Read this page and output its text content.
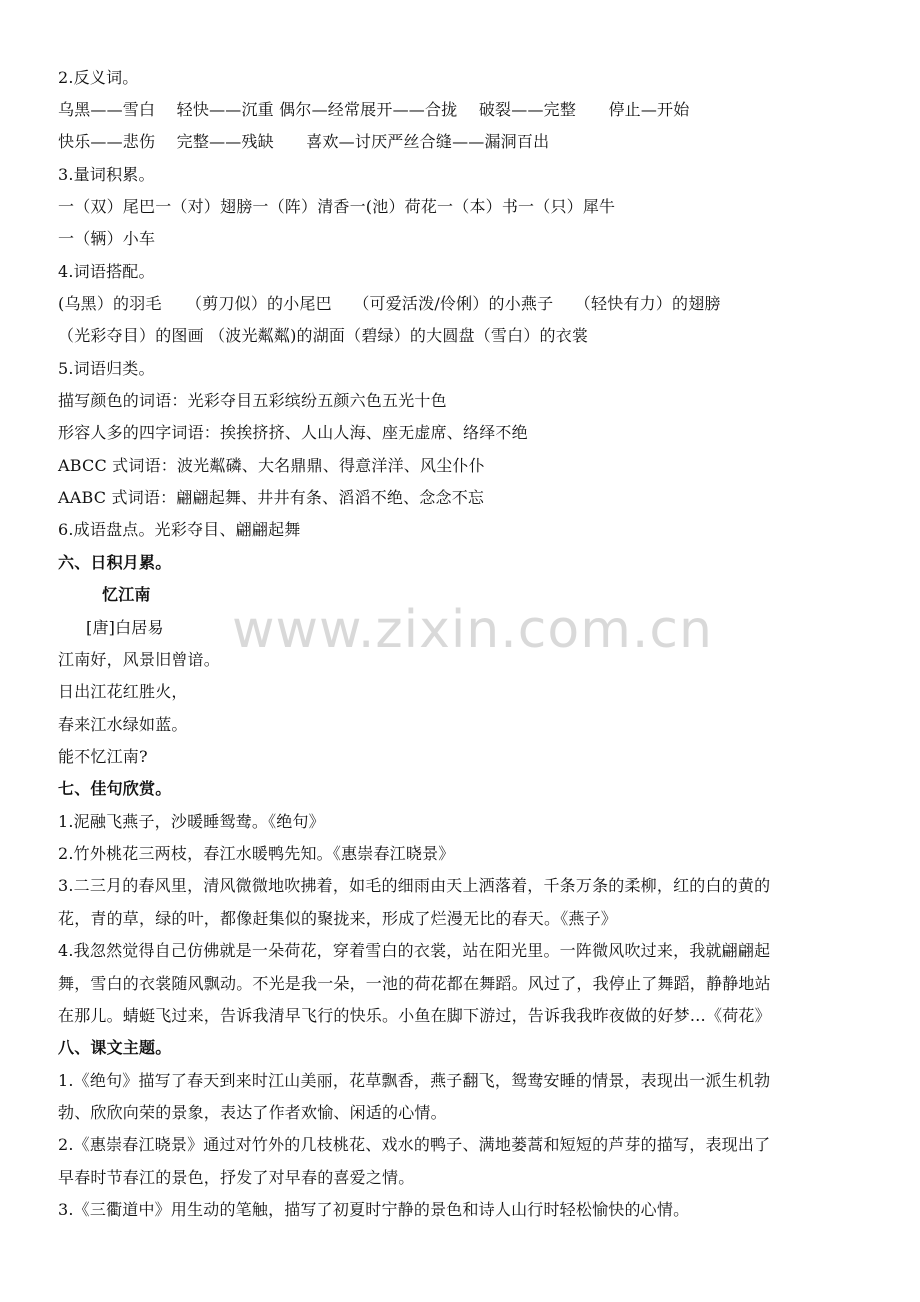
2.反义词。
乌黑——雪白　 轻快——沉重 偶尔—经常展开——合拢　 破裂——完整　　停止—开始
快乐——悲伤　 完整——残缺　　喜欢—讨厌严丝合缝——漏洞百出
3.量词积累。
一（双）尾巴一（对）翅膀一（阵）清香一(池）荷花一（本）书一（只）犀牛
一（辆）小车
4.词语搭配。
(乌黑）的羽毛　　（剪刀似）的小尾巴　 （可爱活泼/伶俐）的小燕子　 （轻快有力）的翅膀
（光彩夺目）的图画 （波光粼粼)的湖面（碧绿）的大圆盘（雪白）的衣裳
5.词语归类。
描写颜色的词语：光彩夺目五彩缤纷五颜六色五光十色
形容人多的四字词语：挨挨挤挤、人山人海、座无虚席、络绎不绝
ABCC 式词语：波光粼磷、大名鼎鼎、得意洋洋、风尘仆仆
AABC 式词语：翩翩起舞、井井有条、滔滔不绝、念念不忘
6.成语盘点。光彩夺目、翩翩起舞
六、日积月累。
忆江南
[唐]白居易
江南好，风景旧曾谙。
日出江花红胜火，
春来江水绿如蓝。
能不忆江南?
七、佳句欣赏。
1.泥融飞燕子，沙暖睡鸳鸯。《绝句》
2.竹外桃花三两枝，春江水暖鸭先知。《惠崇春江晓景》
3.二三月的春风里，清风微微地吹拂着，如毛的细雨由天上洒落着，千条万条的柔柳，红的白的黄的
花，青的草，绿的叶，都像赶集似的聚拢来，形成了烂漫无比的春天。《燕子》
4.我忽然觉得自己仿佛就是一朵荷花，穿着雪白的衣裳，站在阳光里。一阵微风吹过来，我就翩翩起
舞，雪白的衣裳随风飘动。不光是我一朵，一池的荷花都在舞蹈。风过了，我停止了舞蹈，静静地站
在那儿。蜻蜓飞过来，告诉我清早飞行的快乐。小鱼在脚下游过，告诉我我昨夜做的好梦…《荷花》
八、课文主题。
1.《绝句》描写了春天到来时江山美丽，花草飘香，燕子翻飞，鸳鸯安睡的情景，表现出一派生机勃
勃、欣欣向荣的景象，表达了作者欢愉、闲适的心情。
2.《惠崇春江晓景》通过对竹外的几枝桃花、戏水的鸭子、满地蒌蒿和短短的芦芽的描写，表现出了
早春时节春江的景色，抒发了对早春的喜爱之情。
3.《三衢道中》用生动的笔触，描写了初夏时宁静的景色和诗人山行时轻松愉快的心情。
www.zixin.com.cn
